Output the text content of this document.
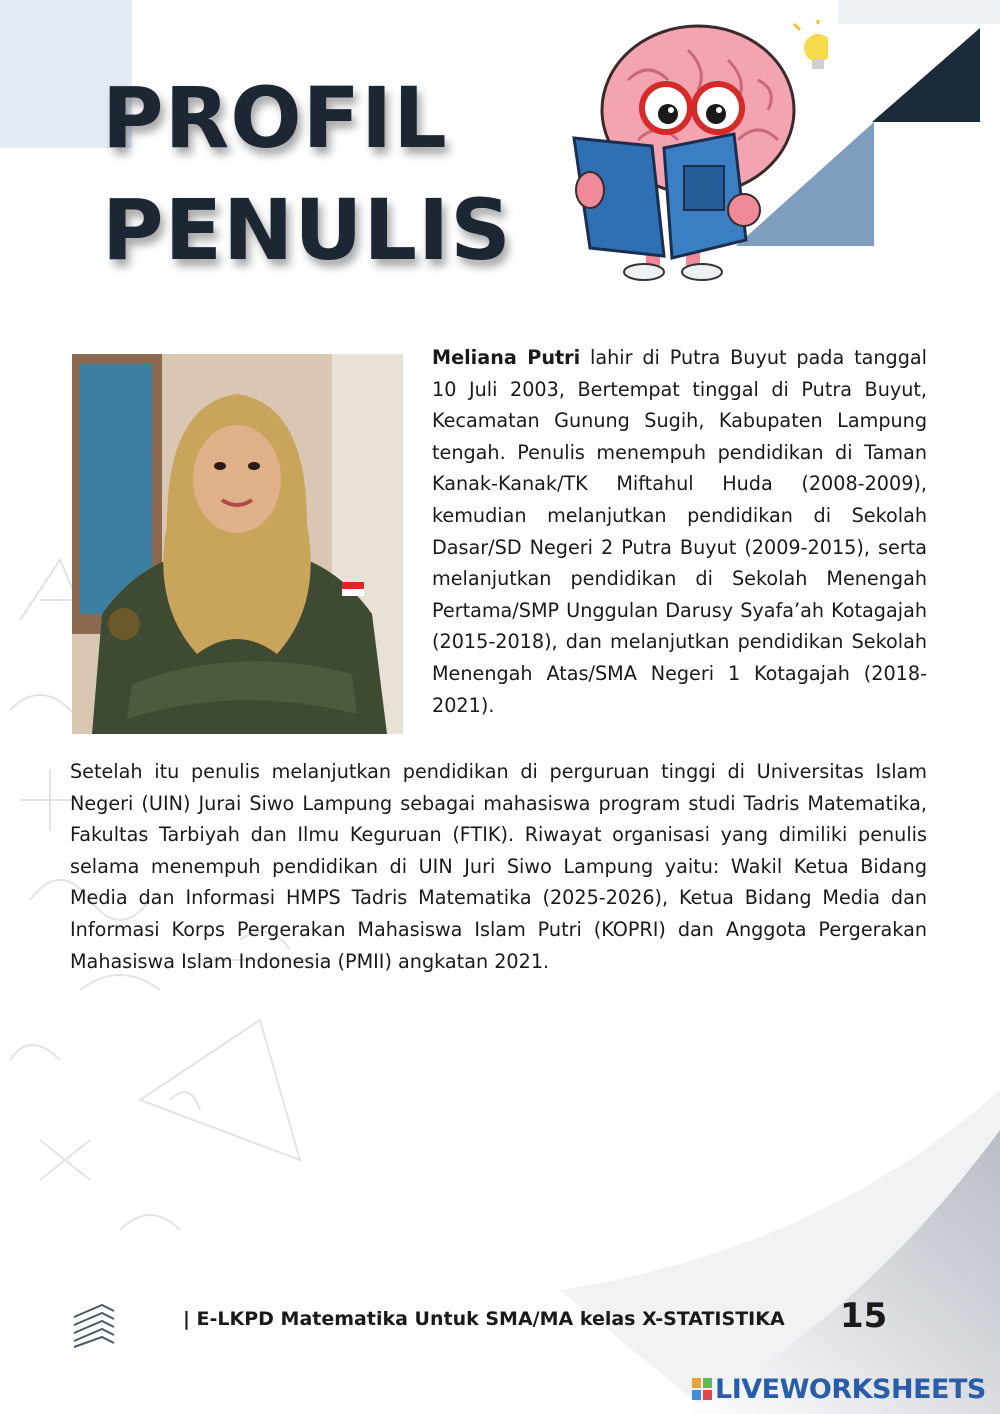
PROFIL
PENULIS

Meliana Putri lahir di Putra Buyut pada tanggal 10 Juli 2003, Bertempat tinggal di Putra Buyut, Kecamatan Gunung Sugih, Kabupaten Lampung tengah. Penulis menempuh pendidikan di Taman Kanak-Kanak/TK Miftahul Huda (2008-2009), kemudian melanjutkan pendidikan di Sekolah Dasar/SD Negeri 2 Putra Buyut (2009-2015), serta melanjutkan pendidikan di Sekolah Menengah Pertama/SMP Unggulan Darusy Syafa’ah Kotagajah (2015-2018), dan melanjutkan pendidikan Sekolah Menengah Atas/SMA Negeri 1 Kotagajah (2018-2021).

Setelah itu penulis melanjutkan pendidikan di perguruan tinggi di Universitas Islam Negeri (UIN) Jurai Siwo Lampung sebagai mahasiswa program studi Tadris Matematika, Fakultas Tarbiyah dan Ilmu Keguruan (FTIK). Riwayat organisasi yang dimiliki penulis selama menempuh pendidikan di UIN Juri Siwo Lampung yaitu: Wakil Ketua Bidang Media dan Informasi HMPS Tadris Matematika (2025-2026), Ketua Bidang Media dan Informasi Korps Pergerakan Mahasiswa Islam Putri (KOPRI) dan Anggota Pergerakan Mahasiswa Islam Indonesia (PMII) angkatan 2021.

| E-LKPD Matematika Untuk SMA/MA kelas X-STATISTIKA 15
LIVEWORKSHEETS
